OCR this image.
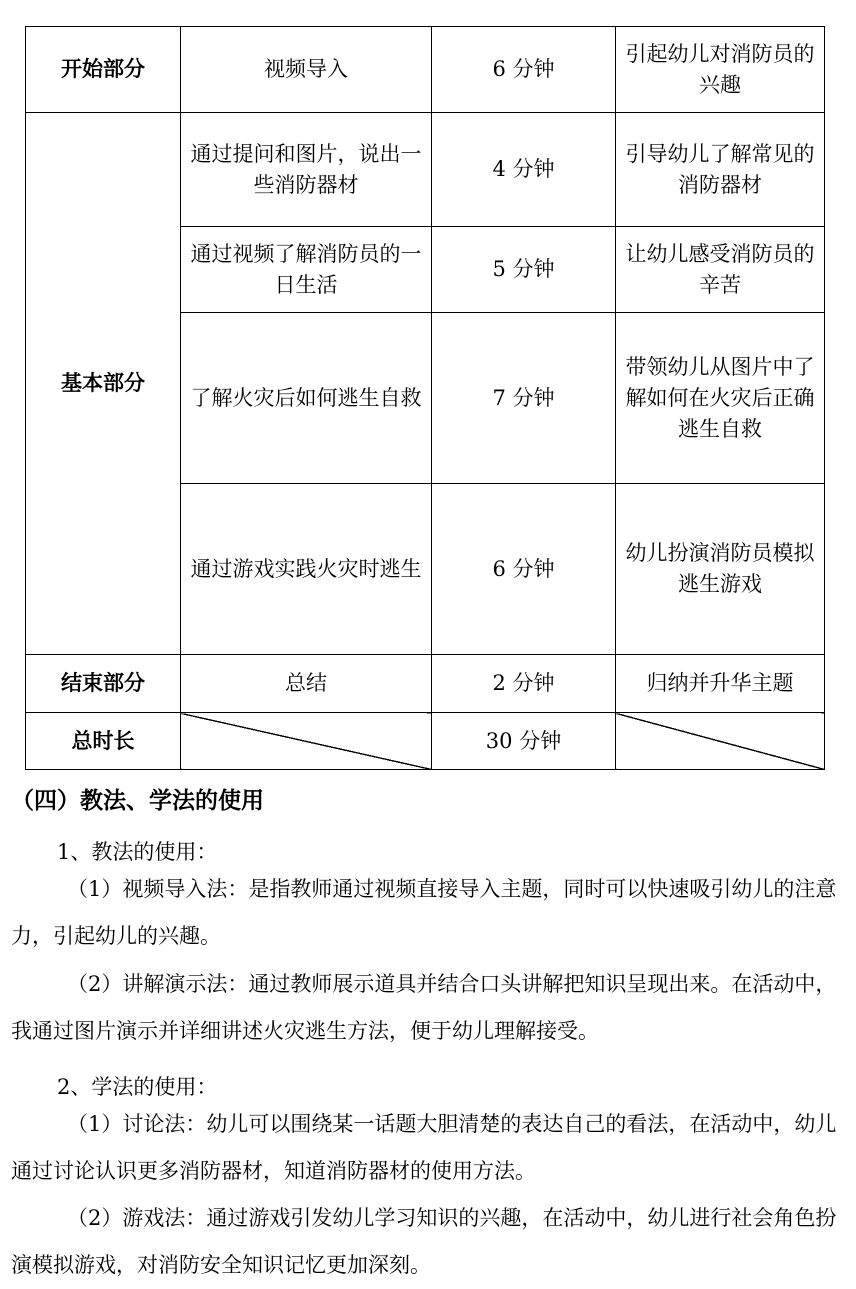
开始部分	视频导入	6 分钟	引起幼儿对消防员的兴趣
基本部分	通过提问和图片，说出一些消防器材	4 分钟	引导幼儿了解常见的消防器材
	通过视频了解消防员的一日生活	5 分钟	让幼儿感受消防员的辛苦
	了解火灾后如何逃生自救	7 分钟	带领幼儿从图片中了解如何在火灾后正确逃生自救
	通过游戏实践火灾时逃生	6 分钟	幼儿扮演消防员模拟逃生游戏
结束部分	总结	2 分钟	归纳并升华主题
总时长		30 分钟	
（四）教法、学法的使用
1、教法的使用：
（1）视频导入法：是指教师通过视频直接导入主题，同时可以快速吸引幼儿的注意力，引起幼儿的兴趣。
（2）讲解演示法：通过教师展示道具并结合口头讲解把知识呈现出来。在活动中，我通过图片演示并详细讲述火灾逃生方法，便于幼儿理解接受。
2、学法的使用：
（1）讨论法：幼儿可以围绕某一话题大胆清楚的表达自己的看法，在活动中，幼儿通过讨论认识更多消防器材，知道消防器材的使用方法。
（2）游戏法：通过游戏引发幼儿学习知识的兴趣，在活动中，幼儿进行社会角色扮演模拟游戏，对消防安全知识记忆更加深刻。
